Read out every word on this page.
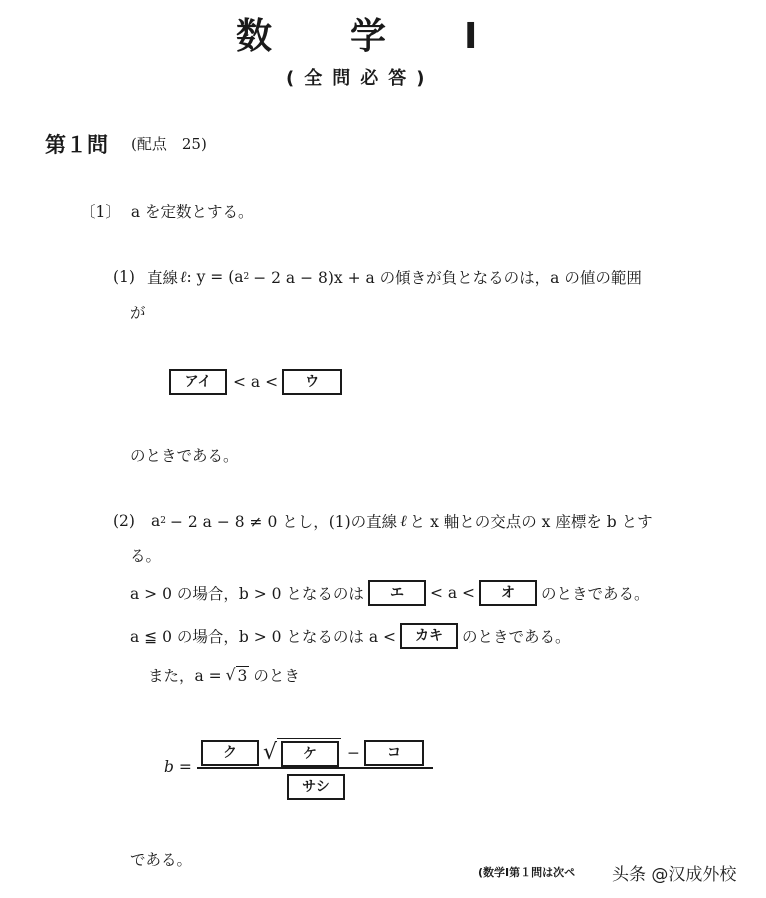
数　　学　　Ⅰ
(全問必答)
第１問 (配点　25)
〔1〕 a を定数とする。
(1) 直線 ℓ : y = (a 2 − 2 a − 8)x + a の傾きが負となるのは，a の値の範囲
が
アイ	< a <	ウ
のときである。
(2) a 2 − 2 a − 8 ≠ 0 とし，(1)の直線 ℓ と x 軸との交点の x 座標を b とす
る。
a > 0 の場合，b > 0 となるのは	エ	< a <	オ	のときである。
a ≦ 0 の場合，b > 0 となるのは a <	カキ	のときである。
また，a = √ 3 のとき
b =
ク	√	ケ	−	コ
サシ
である。
(数学Ⅰ第１問は次ペ 头条 @汉成外校
